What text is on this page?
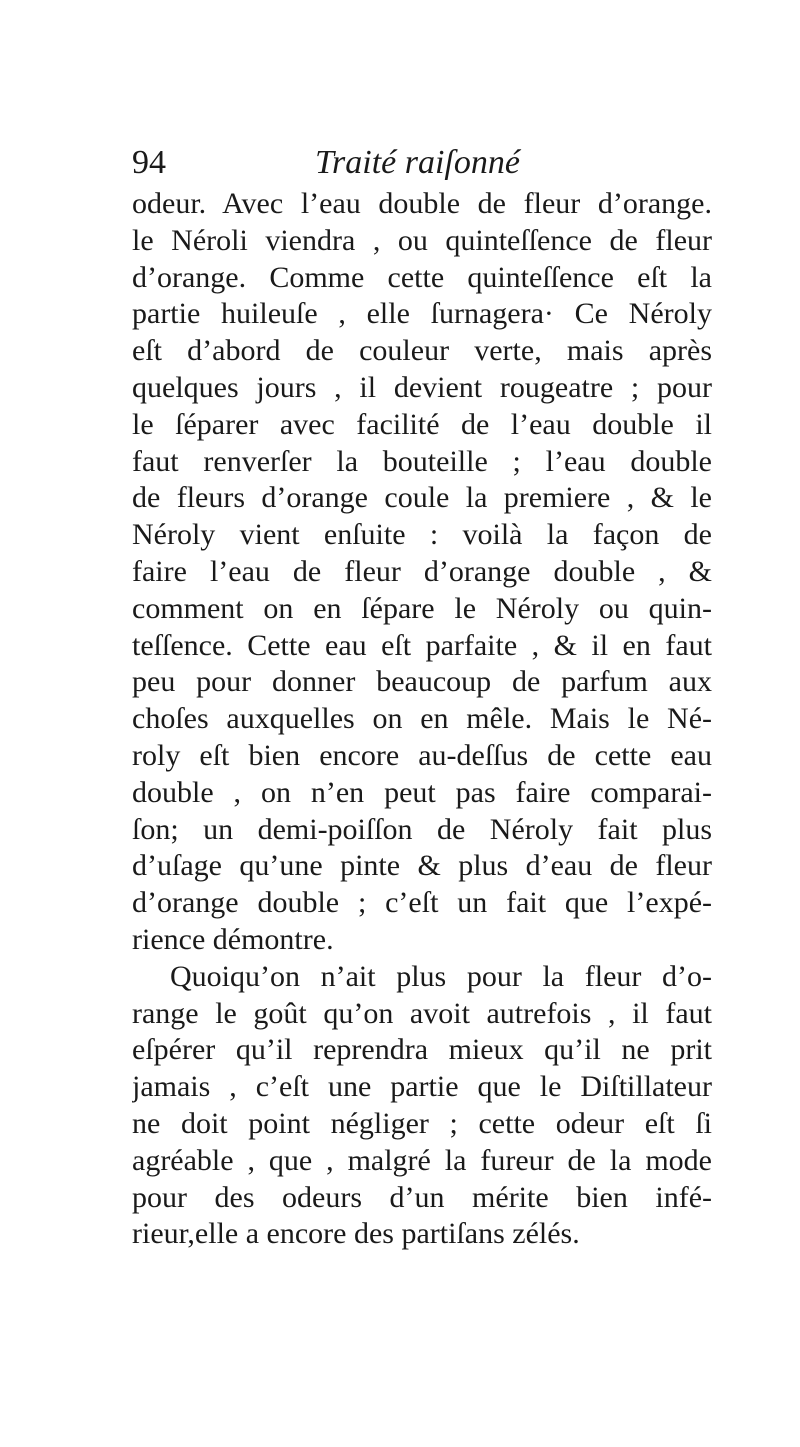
94	Traité raiſonné
odeur. Avec l’eau double de fleur d’orange.
le Néroli viendra , ou quinteſſence de fleur
d’orange. Comme cette quinteſſence eſt la
partie huileuſe , elle ſurnagera· Ce Néroly
eſt d’abord de couleur verte, mais après
quelques jours , il devient rougeatre ; pour
le ſéparer avec facilité de l’eau double il
faut renverſer la bouteille ; l’eau double
de fleurs d’orange coule la premiere , & le
Néroly vient enſuite : voilà la façon de
faire l’eau de fleur d’orange double , &
comment on en ſépare le Néroly ou quin-
teſſence. Cette eau eſt parfaite , & il en faut
peu pour donner beaucoup de parfum aux
choſes auxquelles on en mêle. Mais le Né-
roly eſt bien encore au-deſſus de cette eau
double , on n’en peut pas faire comparai-
ſon; un demi-poiſſon de Néroly fait plus
d’uſage qu’une pinte & plus d’eau de fleur
d’orange double ; c’eſt un fait que l’expé-
rience démontre.
Quoiqu’on n’ait plus pour la fleur d’o-
range le goût qu’on avoit autrefois , il faut
eſpérer qu’il reprendra mieux qu’il ne prit
jamais , c’eſt une partie que le Diſtillateur
ne doit point négliger ; cette odeur eſt ſi
agréable , que , malgré la fureur de la mode
pour des odeurs d’un mérite bien infé-
rieur,elle a encore des partiſans zélés.
